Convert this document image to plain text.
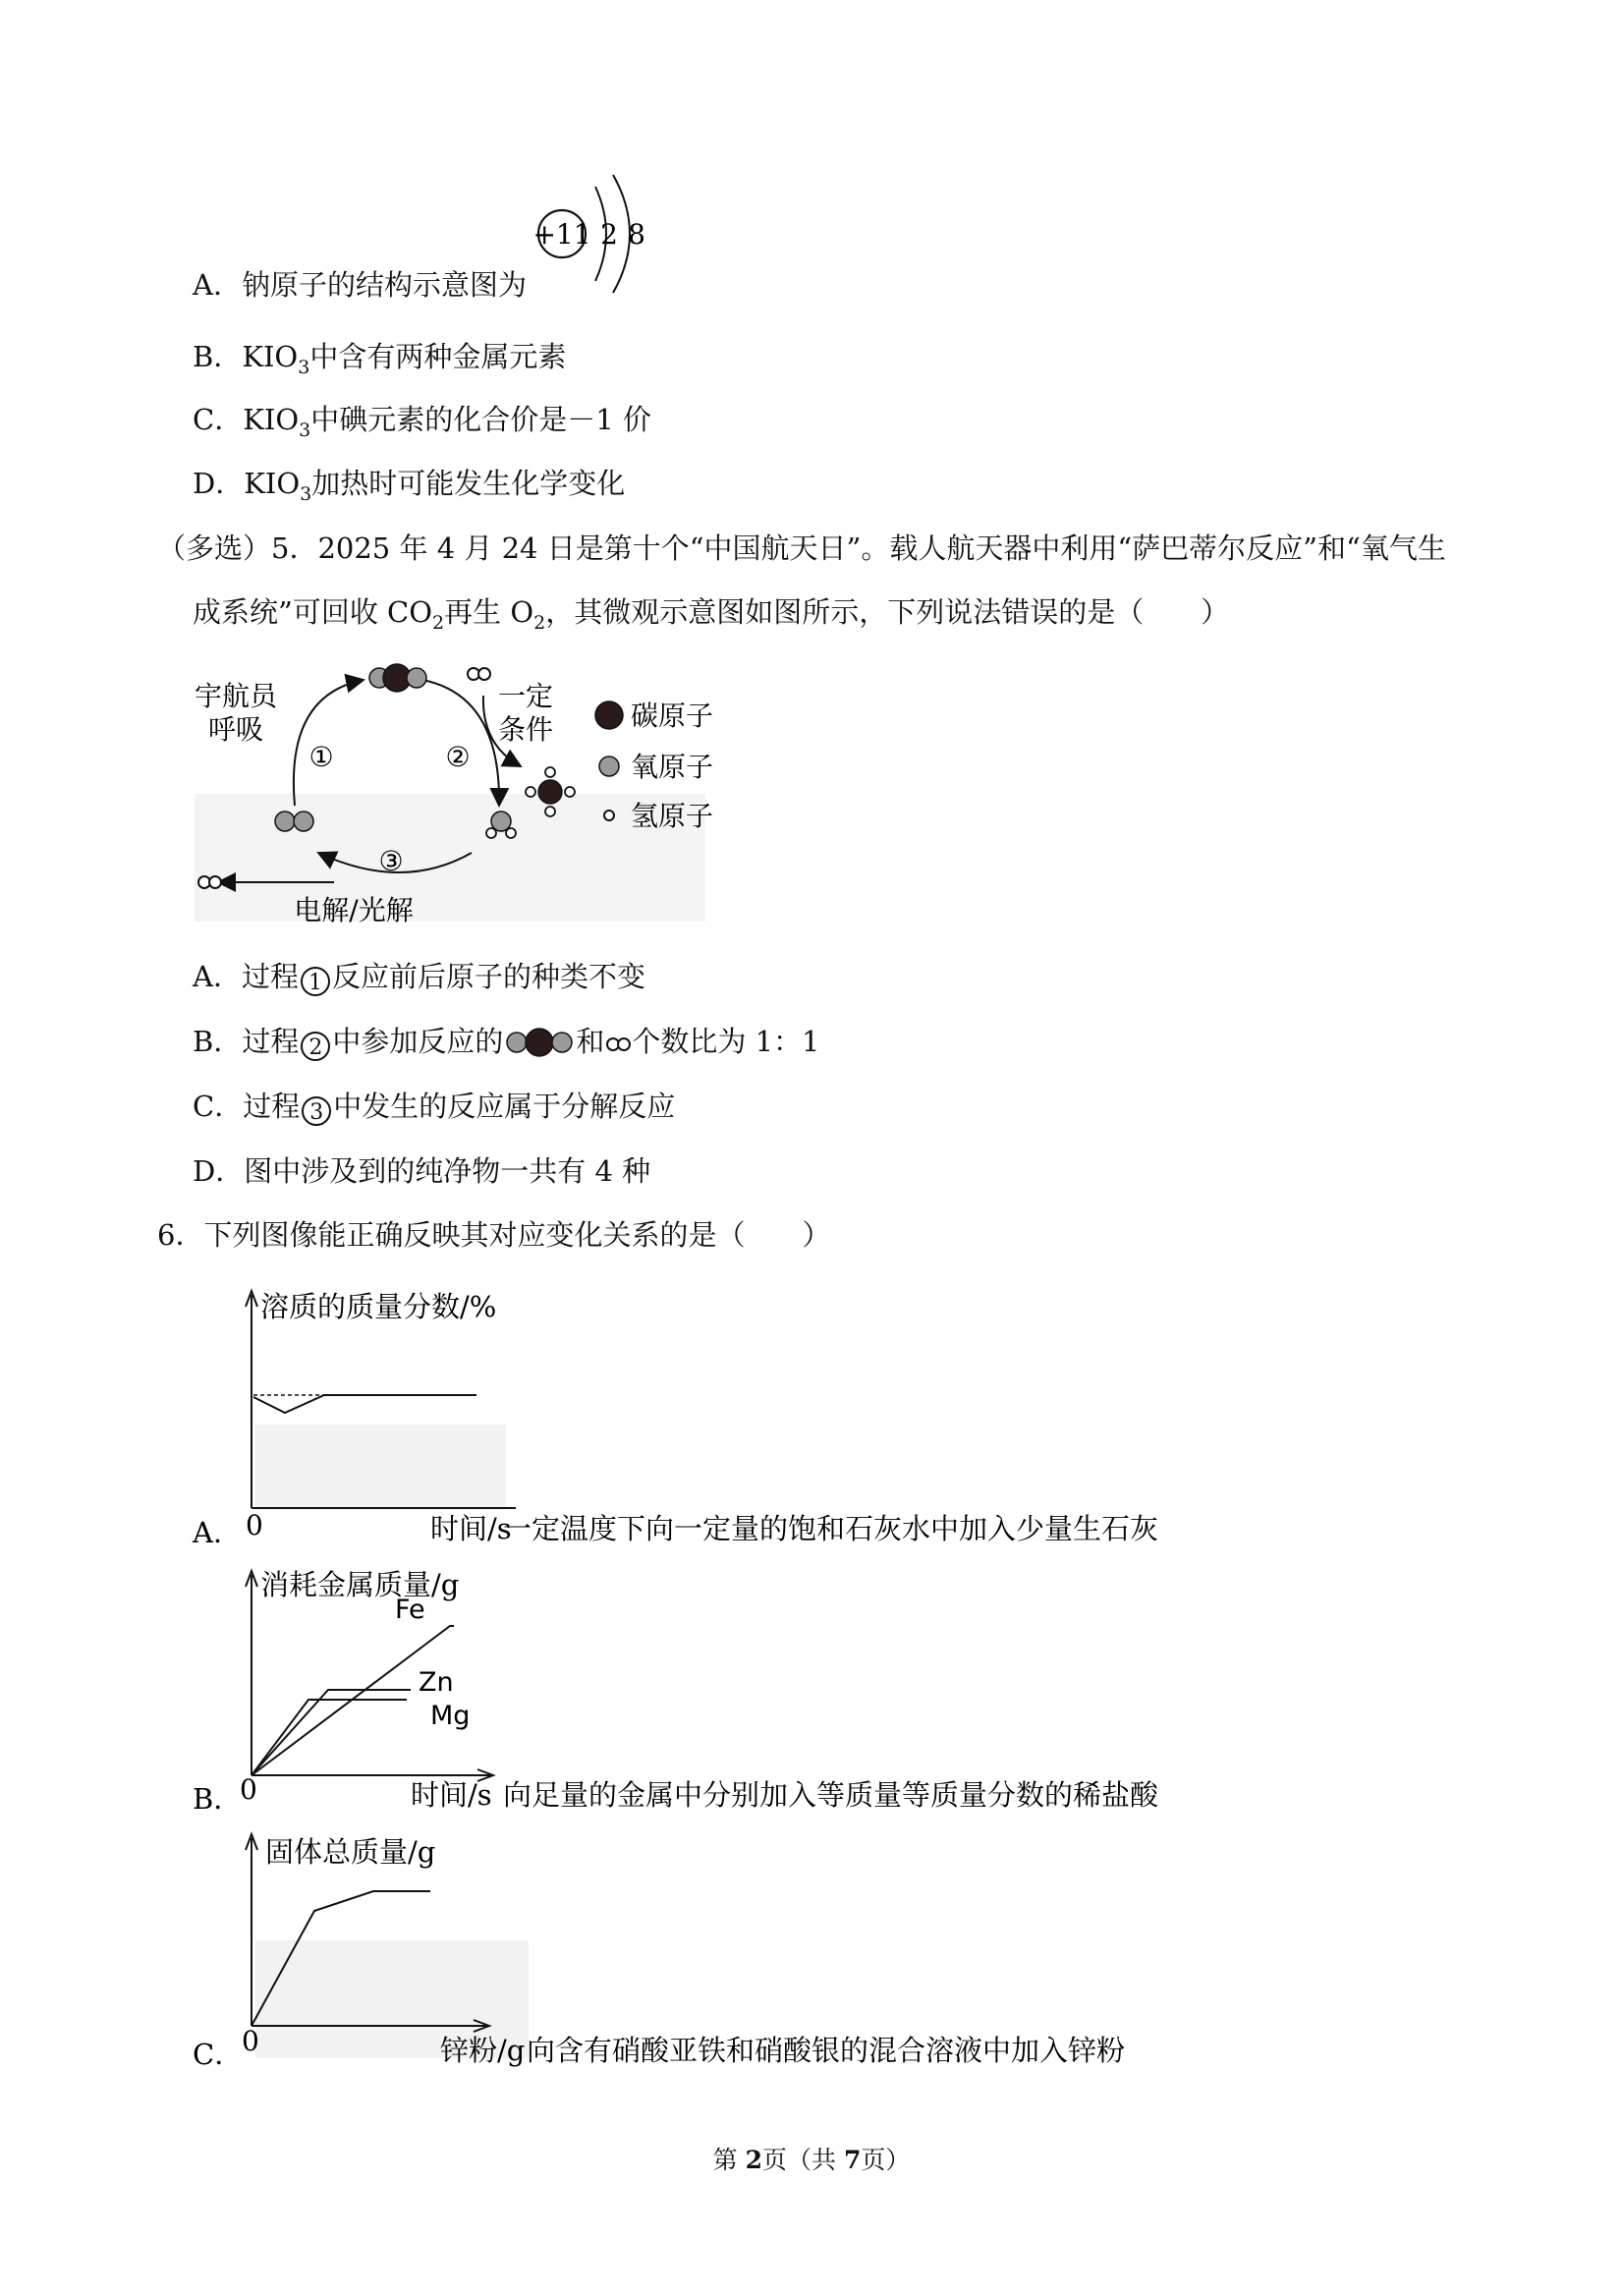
A．钠原子的结构示意图为
+11 2 8
B．$KIO_3$中含有两种金属元素
C．$KIO_3$中碘元素的化合价是－1 价
D．$KIO_3$加热时可能发生化学变化
（多选）5．2025 年 4 月 24 日是第十个“中国航天日”。载人航天器中利用“萨巴蒂尔反应”和“氧气生
成系统”可回收 $CO_2$再生 $O_2$，其微观示意图如图所示，下列说法错误的是（　　）
宇航员
呼吸
一定
条件
电解/光解
①	②
③
碳原子
氧原子
氢原子
A．过程 1 反应前后原子的种类不变
B．过程 2 中参加反应的	和 个数比为 1：1
C．过程 3 中发生的反应属于分解反应
D．图中涉及到的纯净物一共有 4 种
6．下列图像能正确反映其对应变化关系的是（　　）
溶质的质量分数/%
0	时间/s
一定温度下向一定量的饱和石灰水中加入少量生石灰
A．
消耗金属质量/g
Fe
Zn
Mg
0	时间/s 向足量的金属中分别加入等质量等质量分数的稀盐酸
B．
固体总质量/g
0	锌粉/g 向含有硝酸亚铁和硝酸银的混合溶液中加入锌粉
C．
第 2页（共 7页）
